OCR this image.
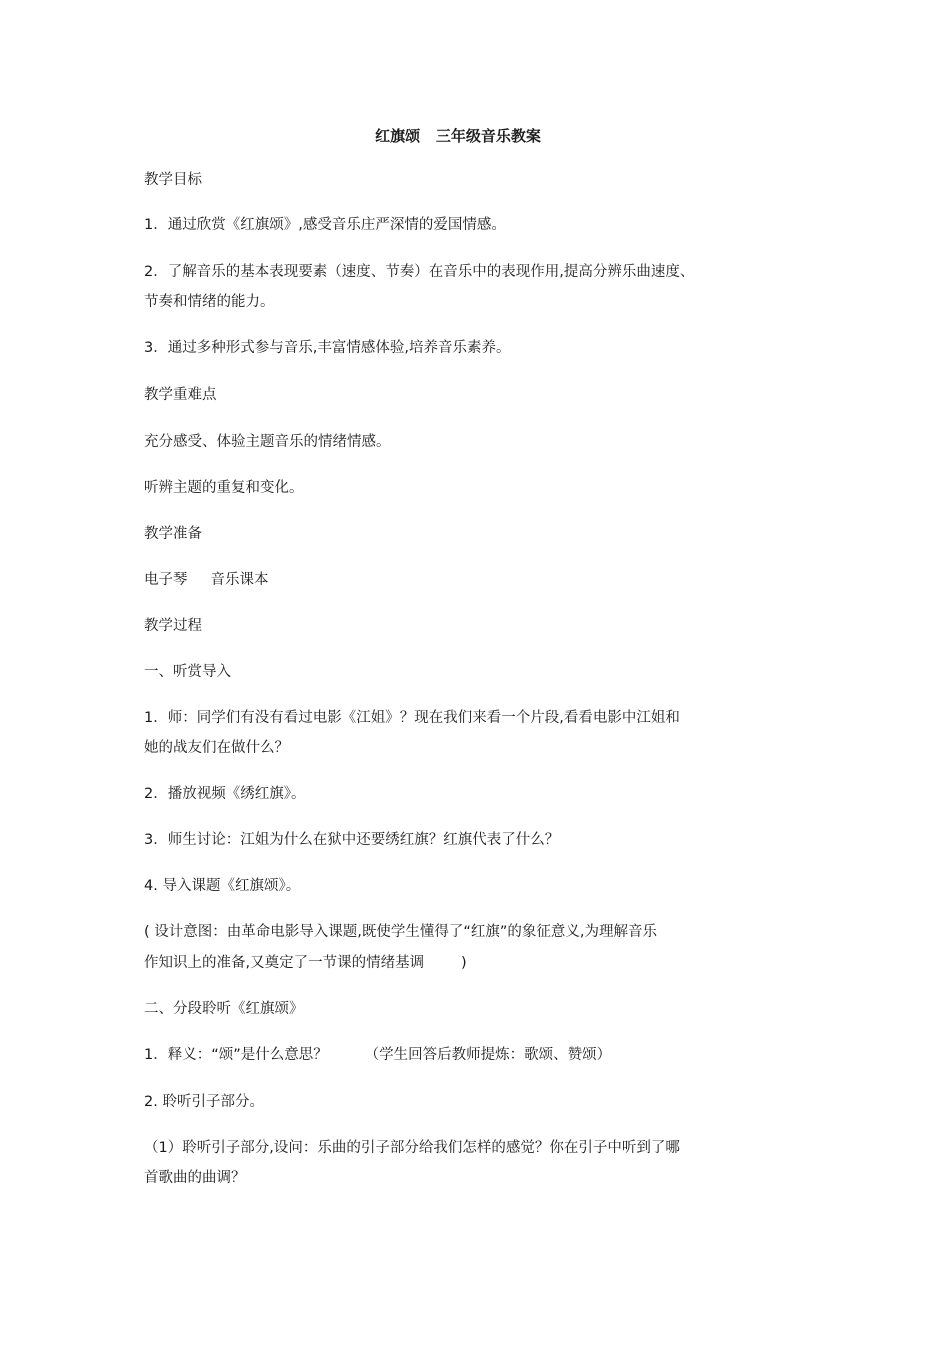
红旗颂   三年级音乐教案
教学目标
1．通过欣赏《红旗颂》,感受音乐庄严深情的爱国情感。
2．了解音乐的基本表现要素（速度、节奏）在音乐中的表现作用,提高分辨乐曲速度、
节奏和情绪的能力。
3．通过多种形式参与音乐,丰富情感体验,培养音乐素养。
教学重难点
充分感受、体验主题音乐的情绪情感。
听辨主题的重复和变化。
教学准备
电子琴     音乐课本
教学过程
一、听赏导入
1．师：同学们有没有看过电影《江姐》？现在我们来看一个片段,看看电影中江姐和
她的战友们在做什么？
2．播放视频《绣红旗》。
3．师生讨论：江姐为什么在狱中还要绣红旗？红旗代表了什么？
4. 导入课题《红旗颂》。
( 设计意图：由革命电影导入课题,既使学生懂得了“红旗”的象征意义,为理解音乐
作知识上的准备,又奠定了一节课的情绪基调        )
二、分段聆听《红旗颂》
1．释义：“颂”是什么意思？        （学生回答后教师提炼：歌颂、赞颂）
2. 聆听引子部分。
（1）聆听引子部分,设问：乐曲的引子部分给我们怎样的感觉？你在引子中听到了哪
首歌曲的曲调？
